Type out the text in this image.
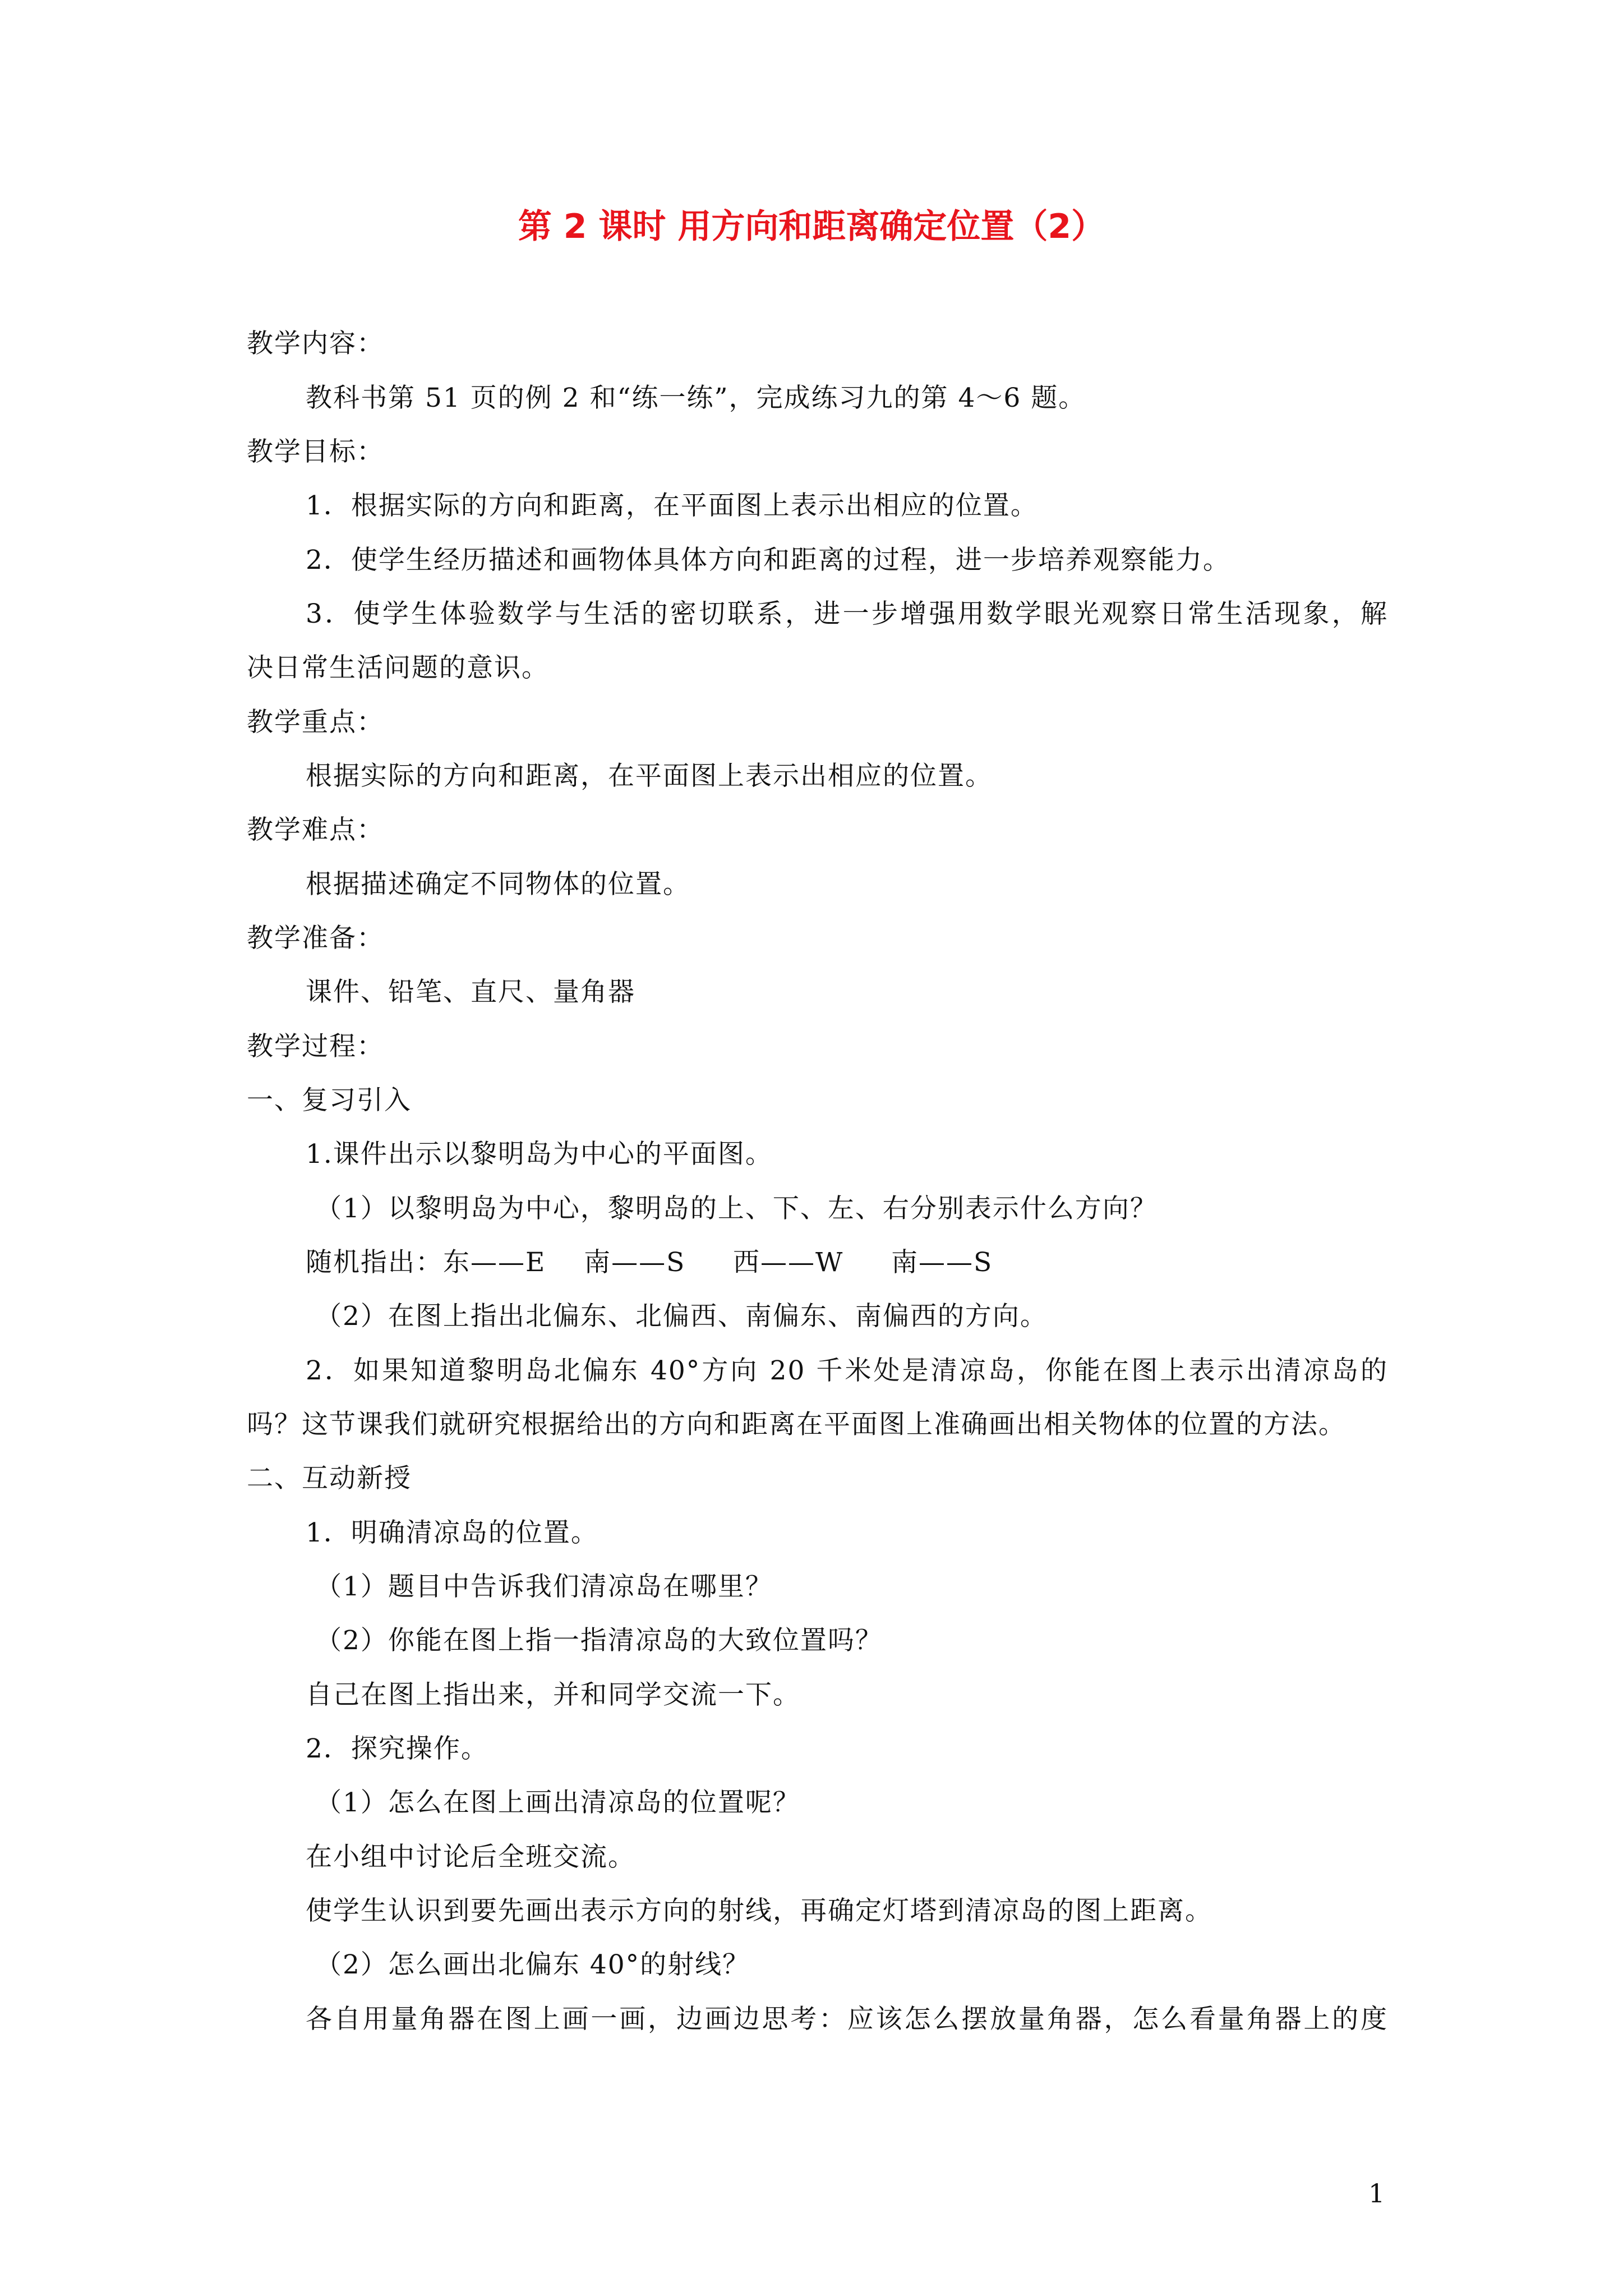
第 2 课时 用方向和距离确定位置（2）
教学内容：
教科书第 51 页的例 2 和“练一练”，完成练习九的第 4～6 题。
教学目标：
1．根据实际的方向和距离，在平面图上表示出相应的位置。
2．使学生经历描述和画物体具体方向和距离的过程，进一步培养观察能力。
3．使学生体验数学与生活的密切联系，进一步增强用数学眼光观察日常生活现象，解
决日常生活问题的意识。
教学重点：
根据实际的方向和距离，在平面图上表示出相应的位置。
教学难点：
根据描述确定不同物体的位置。
教学准备：
课件、铅笔、直尺、量角器
教学过程：
一、复习引入
1.课件出示以黎明岛为中心的平面图。
（1）以黎明岛为中心，黎明岛的上、下、左、右分别表示什么方向？
随机指出：东——E    南——S     西——W     南——S
（2）在图上指出北偏东、北偏西、南偏东、南偏西的方向。
2．如果知道黎明岛北偏东 40°方向 20 千米处是清凉岛，你能在图上表示出清凉岛的
吗？这节课我们就研究根据给出的方向和距离在平面图上准确画出相关物体的位置的方法。
二、互动新授
1．明确清凉岛的位置。
（1）题目中告诉我们清凉岛在哪里？
（2）你能在图上指一指清凉岛的大致位置吗？
自己在图上指出来，并和同学交流一下。
2．探究操作。
（1）怎么在图上画出清凉岛的位置呢？
在小组中讨论后全班交流。
使学生认识到要先画出表示方向的射线，再确定灯塔到清凉岛的图上距离。
（2）怎么画出北偏东 40°的射线？
各自用量角器在图上画一画，边画边思考：应该怎么摆放量角器，怎么看量角器上的度
1
